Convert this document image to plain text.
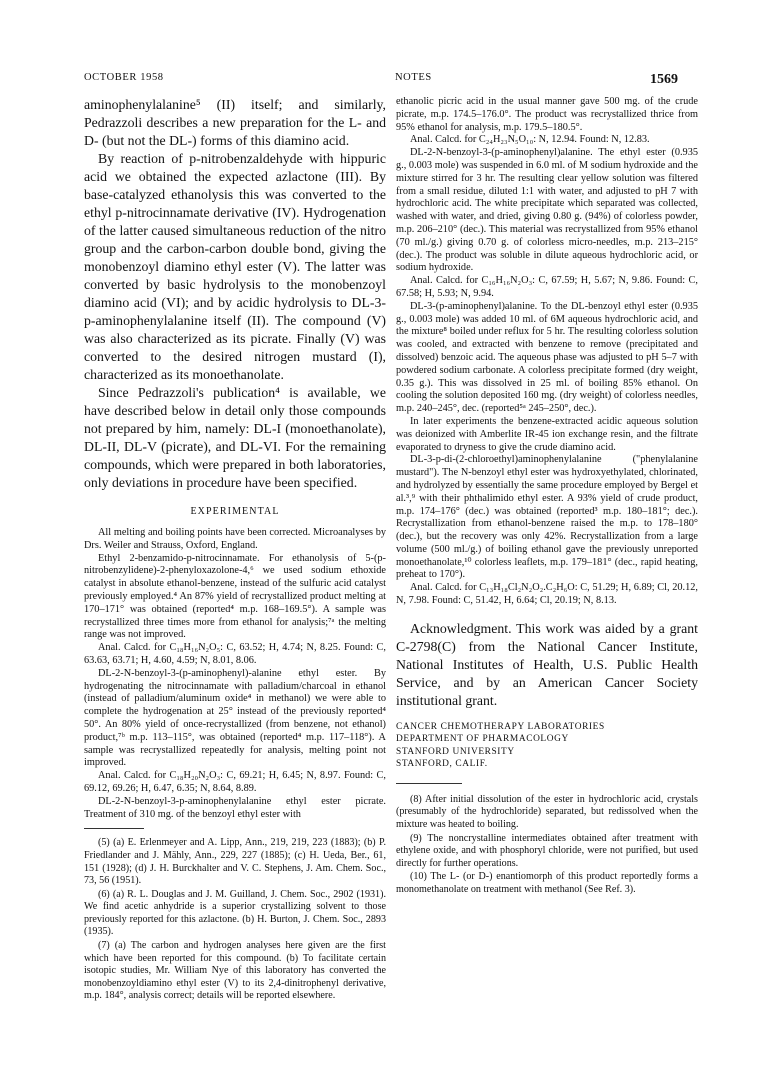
OCTOBER 1958	NOTES	1569

aminophenylalanine⁵ (II) itself; and similarly, Pedrazzoli describes a new preparation for the L- and D- (but not the DL-) forms of this diamino acid.

By reaction of p-nitrobenzaldehyde with hippuric acid we obtained the expected azlactone (III). By base-catalyzed ethanolysis this was converted to the ethyl p-nitrocinnamate derivative (IV). Hydrogenation of the latter caused simultaneous reduction of the nitro group and the carbon-carbon double bond, giving the monobenzoyl diamino ethyl ester (V). The latter was converted by basic hydrolysis to the monobenzoyl diamino acid (VI); and by acidic hydrolysis to DL-3-p-aminophenylalanine itself (II). The compound (V) was also characterized as its picrate. Finally (V) was converted to the desired nitrogen mustard (I), characterized as its monoethanolate.

Since Pedrazzoli's publication⁴ is available, we have described below in detail only those compounds not prepared by him, namely: DL-I (monoethanolate), DL-II, DL-V (picrate), and DL-VI. For the remaining compounds, which were prepared in both laboratories, only deviations in procedure have been specified.

EXPERIMENTAL

All melting and boiling points have been corrected. Microanalyses by Drs. Weiler and Strauss, Oxford, England.

Ethyl 2-benzamido-p-nitrocinnamate. For ethanolysis of 5-(p-nitrobenzylidene)-2-phenyloxazolone-4,⁶ we used sodium ethoxide catalyst in absolute ethanol-benzene, instead of the sulfuric acid catalyst previously employed.⁴ An 87% yield of recrystallized product melting at 170–171° was obtained (reported⁴ m.p. 168–169.5°). A sample was recrystallized three times more from ethanol for analysis;⁷ᵃ the melting range was not improved.

Anal. Calcd. for C₁₈H₁₆N₂O₅: C, 63.52; H, 4.74; N, 8.25. Found: C, 63.63, 63.71; H, 4.60, 4.59; N, 8.01, 8.06.

DL-2-N-benzoyl-3-(p-aminophenyl)-alanine ethyl ester. By hydrogenating the nitrocinnamate with palladium/charcoal in ethanol (instead of palladium/aluminum oxide⁴ in methanol) we were able to complete the hydrogenation at 25° instead of the previously reported⁴ 50°. An 80% yield of once-recrystallized (from benzene, not ethanol) product,⁷ᵇ m.p. 113–115°, was obtained (reported⁴ m.p. 117–118°). A sample was recrystallized repeatedly for analysis, melting point not improved.

Anal. Calcd. for C₁₈H₂₀N₂O₃: C, 69.21; H, 6.45; N, 8.97. Found: C, 69.12, 69.26; H, 6.47, 6.35; N, 8.64, 8.89.

DL-2-N-benzoyl-3-p-aminophenylalanine ethyl ester picrate. Treatment of 310 mg. of the benzoyl ethyl ester with

(5) (a) E. Erlenmeyer and A. Lipp, Ann., 219, 219, 223 (1883); (b) P. Friedlander and J. Mähly, Ann., 229, 227 (1885); (c) H. Ueda, Ber., 61, 151 (1928); (d) J. H. Burckhalter and V. C. Stephens, J. Am. Chem. Soc., 73, 56 (1951).

(6) (a) R. L. Douglas and J. M. Guilland, J. Chem. Soc., 2902 (1931). We find acetic anhydride is a superior crystallizing solvent to those previously reported for this azlactone. (b) H. Burton, J. Chem. Soc., 2893 (1935).

(7) (a) The carbon and hydrogen analyses here given are the first which have been reported for this compound. (b) To facilitate certain isotopic studies, Mr. William Nye of this laboratory has converted the monobenzoyldiamino ethyl ester (V) to its 2,4-dinitrophenyl derivative, m.p. 184°, analysis correct; details will be reported elsewhere.

ethanolic picric acid in the usual manner gave 500 mg. of the crude picrate, m.p. 174.5–176.0°. The product was recrystallized thrice from 95% ethanol for analysis, m.p. 179.5–180.5°.

Anal. Calcd. for C₂₄H₂₃N₅O₁₀: N, 12.94. Found: N, 12.83.

DL-2-N-benzoyl-3-(p-aminophenyl)alanine. The ethyl ester (0.935 g., 0.003 mole) was suspended in 6.0 ml. of M sodium hydroxide and the mixture stirred for 3 hr. The resulting clear yellow solution was filtered from a small residue, diluted 1:1 with water, and adjusted to pH 7 with hydrochloric acid. The white precipitate which separated was collected, washed with water, and dried, giving 0.80 g. (94%) of colorless powder, m.p. 206–210° (dec.). This material was recrystallized from 95% ethanol (70 ml./g.) giving 0.70 g. of colorless micro-needles, m.p. 213–215° (dec.). The product was soluble in dilute aqueous hydrochloric acid, or sodium hydroxide.

Anal. Calcd. for C₁₆H₁₆N₂O₃: C, 67.59; H, 5.67; N, 9.86. Found: C, 67.58; H, 5.93; N, 9.94.

DL-3-(p-aminophenyl)alanine. To the DL-benzoyl ethyl ester (0.935 g., 0.003 mole) was added 10 ml. of 6M aqueous hydrochloric acid, and the mixture⁸ boiled under reflux for 5 hr. The resulting colorless solution was cooled, and extracted with benzene to remove (precipitated and dissolved) benzoic acid. The aqueous phase was adjusted to pH 5–7 with powdered sodium carbonate. A colorless precipitate formed (dry weight, 0.35 g.). This was dissolved in 25 ml. of boiling 85% ethanol. On cooling the solution deposited 160 mg. (dry weight) of colorless needles, m.p. 240–245°, dec. (reported⁵ᵃ 245–250°, dec.).

In later experiments the benzene-extracted acidic aqueous solution was deionized with Amberlite IR-45 ion exchange resin, and the filtrate evaporated to dryness to give the crude diamino acid.

DL-3-p-di-(2-chloroethyl)aminophenylalanine ("phenylalanine mustard"). The N-benzoyl ethyl ester was hydroxyethylated, chlorinated, and hydrolyzed by essentially the same procedure employed by Bergel et al.³,⁹ with their phthalimido ethyl ester. A 93% yield of crude product, m.p. 174–176° (dec.) was obtained (reported³ m.p. 180–181°; dec.). Recrystallization from ethanol-benzene raised the m.p. to 178–180° (dec.), but the recovery was only 42%. Recrystallization from a large volume (500 ml./g.) of boiling ethanol gave the previously unreported monoethanolate,¹⁰ colorless leaflets, m.p. 179–181° (dec., rapid heating, preheat to 170°).

Anal. Calcd. for C₁₃H₁₈Cl₂N₂O₂.C₂H₆O: C, 51.29; H, 6.89; Cl, 20.12, N, 7.98. Found: C, 51.42, H, 6.64; Cl, 20.19; N, 8.13.

Acknowledgment. This work was aided by a grant C-2798(C) from the National Cancer Institute, National Institutes of Health, U.S. Public Health Service, and by an American Cancer Society institutional grant.

CANCER CHEMOTHERAPY LABORATORIES
DEPARTMENT OF PHARMACOLOGY
STANFORD UNIVERSITY
STANFORD, CALIF.

(8) After initial dissolution of the ester in hydrochloric acid, crystals (presumably of the hydrochloride) separated, but redissolved when the mixture was heated to boiling.

(9) The noncrystalline intermediates obtained after treatment with ethylene oxide, and with phosphoryl chloride, were not purified, but used directly for further operations.

(10) The L- (or D-) enantiomorph of this product reportedly forms a monomethanolate on treatment with methanol (See Ref. 3).
